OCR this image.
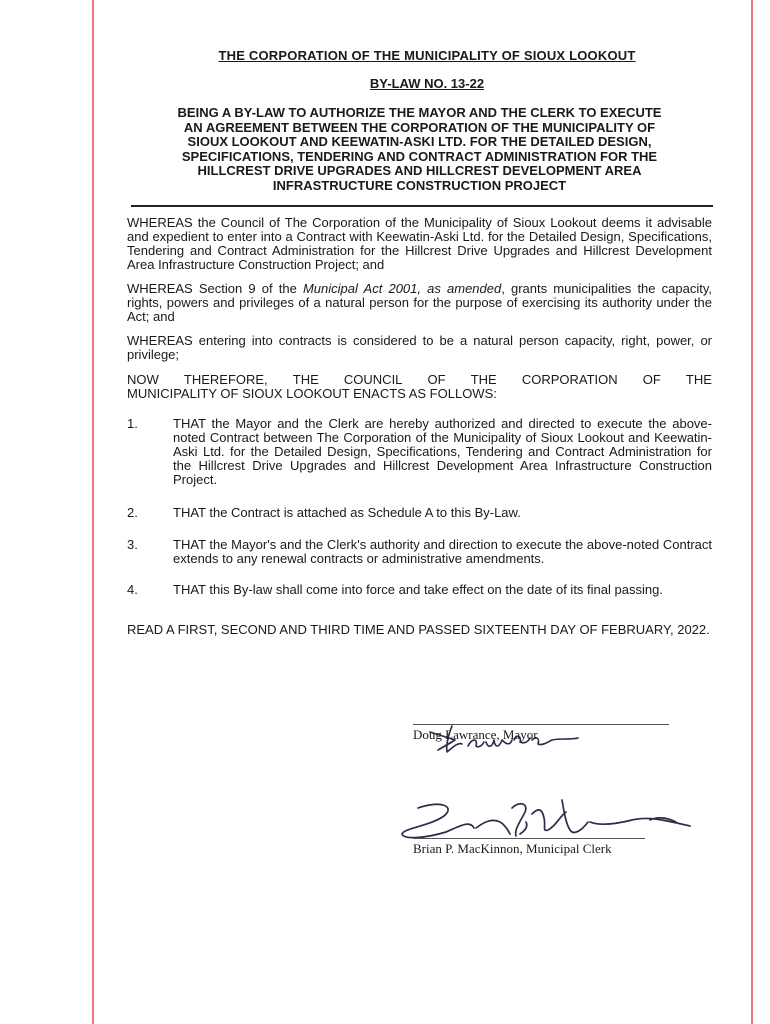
THE CORPORATION OF THE MUNICIPALITY OF SIOUX LOOKOUT
BY-LAW NO. 13-22
BEING A BY-LAW TO AUTHORIZE THE MAYOR AND THE CLERK TO EXECUTE
AN AGREEMENT BETWEEN THE CORPORATION OF THE MUNICIPALITY OF
SIOUX LOOKOUT AND KEEWATIN-ASKI LTD. FOR THE DETAILED DESIGN,
SPECIFICATIONS, TENDERING AND CONTRACT ADMINISTRATION FOR THE
HILLCREST DRIVE UPGRADES AND HILLCREST DEVELOPMENT AREA
INFRASTRUCTURE CONSTRUCTION PROJECT

WHEREAS the Council of The Corporation of the Municipality of Sioux Lookout deems it advisable and expedient to enter into a Contract with Keewatin-Aski Ltd. for the Detailed Design, Specifications, Tendering and Contract Administration for the Hillcrest Drive Upgrades and Hillcrest Development Area Infrastructure Construction Project; and

WHEREAS Section 9 of the Municipal Act 2001, as amended, grants municipalities the capacity, rights, powers and privileges of a natural person for the purpose of exercising its authority under the Act; and

WHEREAS entering into contracts is considered to be a natural person capacity, right, power, or privilege;

NOW THEREFORE, THE COUNCIL OF THE CORPORATION OF THE
MUNICIPALITY OF SIOUX LOOKOUT ENACTS AS FOLLOWS:
1.	THAT the Mayor and the Clerk are hereby authorized and directed to execute the above-noted Contract between The Corporation of the Municipality of Sioux Lookout and Keewatin-Aski Ltd. for the Detailed Design, Specifications, Tendering and Contract Administration for the Hillcrest Drive Upgrades and Hillcrest Development Area Infrastructure Construction Project.
2.	THAT the Contract is attached as Schedule A to this By-Law.
3.	THAT the Mayor's and the Clerk's authority and direction to execute the above-noted Contract extends to any renewal contracts or administrative amendments.
4.	THAT this By-law shall come into force and take effect on the date of its final passing.
READ A FIRST, SECOND AND THIRD TIME AND PASSED SIXTEENTH DAY OF FEBRUARY, 2022.
Doug Lawrance, Mayor
Brian P. MacKinnon, Municipal Clerk
